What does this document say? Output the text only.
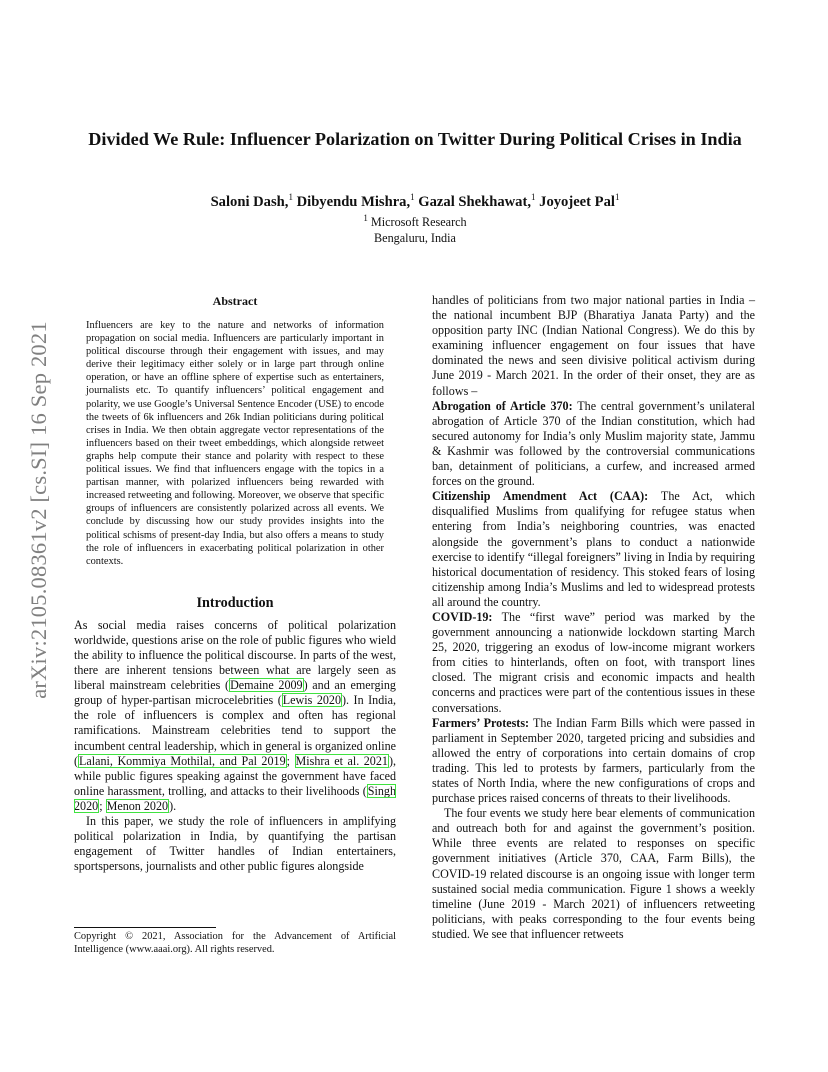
arXiv:2105.08361v2 [cs.SI] 16 Sep 2021
Divided We Rule: Influencer Polarization on Twitter During Political Crises in India
Saloni Dash,$^1$ Dibyendu Mishra,$^1$ Gazal Shekhawat,$^1$ Joyojeet Pal$^1$
$^1$ Microsoft Research
Bengaluru, India
Abstract

Influencers are key to the nature and networks of information propagation on social media. Influencers are particularly important in political discourse through their engagement with issues, and may derive their legitimacy either solely or in large part through online operation, or have an offline sphere of expertise such as entertainers, journalists etc. To quantify influencers’ political engagement and polarity, we use Google’s Universal Sentence Encoder (USE) to encode the tweets of 6k influencers and 26k Indian politicians during political crises in India. We then obtain aggregate vector representations of the influencers based on their tweet embeddings, which alongside retweet graphs help compute their stance and polarity with respect to these political issues. We find that influencers engage with the topics in a partisan manner, with polarized influencers being rewarded with increased retweeting and following. Moreover, we observe that specific groups of influencers are consistently polarized across all events. We conclude by discussing how our study provides insights into the political schisms of present-day India, but also offers a means to study the role of influencers in exacerbating political polarization in other contexts.

Introduction

As social media raises concerns of political polarization worldwide, questions arise on the role of public figures who wield the ability to influence the political discourse. In parts of the west, there are inherent tensions between what are largely seen as liberal mainstream celebrities (Demaine 2009) and an emerging group of hyper-partisan microcelebrities (Lewis 2020). In India, the role of influencers is complex and often has regional ramifications. Mainstream celebrities tend to support the incumbent central leadership, which in general is organized online (Lalani, Kommiya Mothilal, and Pal 2019; Mishra et al. 2021), while public figures speaking against the government have faced online harassment, trolling, and attacks to their livelihoods (Singh 2020; Menon 2020).

In this paper, we study the role of influencers in amplifying political polarization in India, by quantifying the partisan engagement of Twitter handles of Indian entertainers, sportspersons, journalists and other public figures alongside

Copyright © 2021, Association for the Advancement of Artificial Intelligence (www.aaai.org). All rights reserved.

handles of politicians from two major national parties in India – the national incumbent BJP (Bharatiya Janata Party) and the opposition party INC (Indian National Congress). We do this by examining influencer engagement on four issues that have dominated the news and seen divisive political activism during June 2019 - March 2021. In the order of their onset, they are as follows –

Abrogation of Article 370: The central government’s unilateral abrogation of Article 370 of the Indian constitution, which had secured autonomy for India’s only Muslim majority state, Jammu & Kashmir was followed by the controversial communications ban, detainment of politicians, a curfew, and increased armed forces on the ground.

Citizenship Amendment Act (CAA): The Act, which disqualified Muslims from qualifying for refugee status when entering from India’s neighboring countries, was enacted alongside the government’s plans to conduct a nationwide exercise to identify “illegal foreigners” living in India by requiring historical documentation of residency. This stoked fears of losing citizenship among India’s Muslims and led to widespread protests all around the country.

COVID-19: The “first wave” period was marked by the government announcing a nationwide lockdown starting March 25, 2020, triggering an exodus of low-income migrant workers from cities to hinterlands, often on foot, with transport lines closed. The migrant crisis and economic impacts and health concerns and practices were part of the contentious issues in these conversations.

Farmers’ Protests: The Indian Farm Bills which were passed in parliament in September 2020, targeted pricing and subsidies and allowed the entry of corporations into certain domains of crop trading. This led to protests by farmers, particularly from the states of North India, where the new configurations of crops and purchase prices raised concerns of threats to their livelihoods.

The four events we study here bear elements of communication and outreach both for and against the government’s position. While three events are related to responses on specific government initiatives (Article 370, CAA, Farm Bills), the COVID-19 related discourse is an ongoing issue with longer term sustained social media communication. Figure 1 shows a weekly timeline (June 2019 - March 2021) of influencers retweeting politicians, with peaks corresponding to the four events being studied. We see that influencer retweets
